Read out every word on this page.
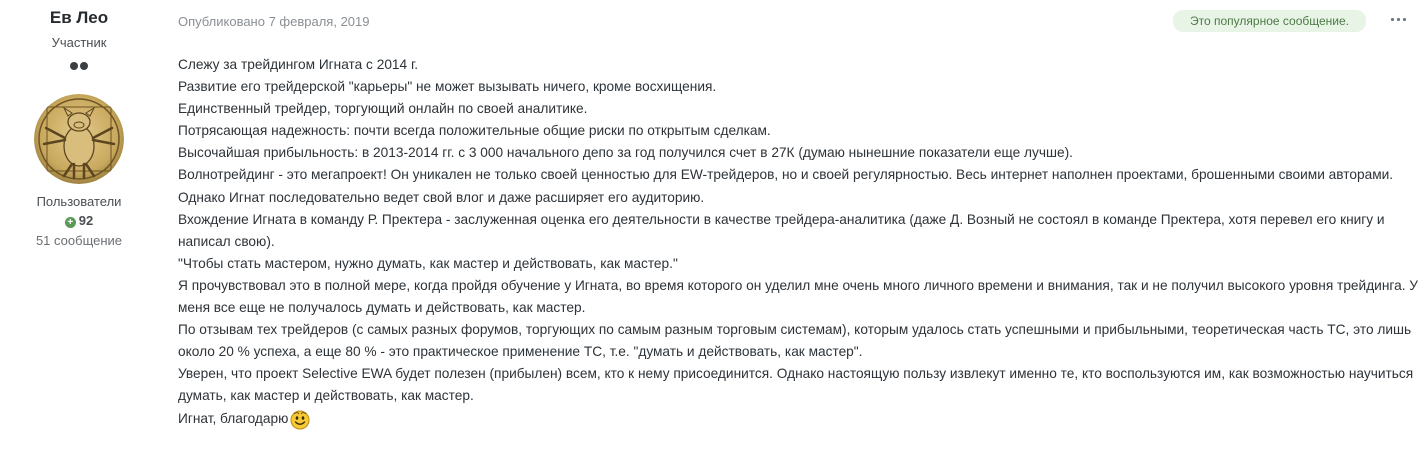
Ев Лео
Участник
Пользователи
+ 92
51 сообщение
Опубликовано 7 февраля, 2019	Это популярное сообщение.

Слежу за трейдингом Игната с 2014 г.

Развитие его трейдерской "карьеры" не может вызывать ничего, кроме восхищения.

Единственный трейдер, торгующий онлайн по своей аналитике.

Потрясающая надежность: почти всегда положительные общие риски по открытым сделкам.

Высочайшая прибыльность: в 2013-2014 гг. с 3 000 начального депо за год получился счет в 27К (думаю нынешние показатели еще лучше).

Волнотрейдинг - это мегапроект! Он уникален не только своей ценностью для EW-трейдеров, но и своей регулярностью. Весь интернет наполнен проектами, брошенными своими авторами. Однако Игнат последовательно ведет свой влог и даже расширяет его аудиторию.

Вхождение Игната в команду Р. Пректера - заслуженная оценка его деятельности в качестве трейдера-аналитика (даже Д. Возный не состоял в команде Пректера, хотя перевел его книгу и написал свою).

"Чтобы стать мастером, нужно думать, как мастер и действовать, как мастер."

Я прочувствовал это в полной мере, когда пройдя обучение у Игната, во время которого он уделил мне очень много личного времени и внимания, так и не получил высокого уровня трейдинга. У меня все еще не получалось думать и действовать, как мастер.

По отзывам тех трейдеров (с самых разных форумов, торгующих по самым разным торговым системам), которым удалось стать успешными и прибыльными, теоретическая часть ТС, это лишь около 20 % успеха, а еще 80 % - это практическое применение ТС, т.е. "думать и действовать, как мастер".

Уверен, что проект Selective EWA будет полезен (прибылен) всем, кто к нему присоединится. Однако настоящую пользу извлекут именно те, кто воспользуются им, как возможностью научиться думать, как мастер и действовать, как мастер.

Игнат, благодарю
